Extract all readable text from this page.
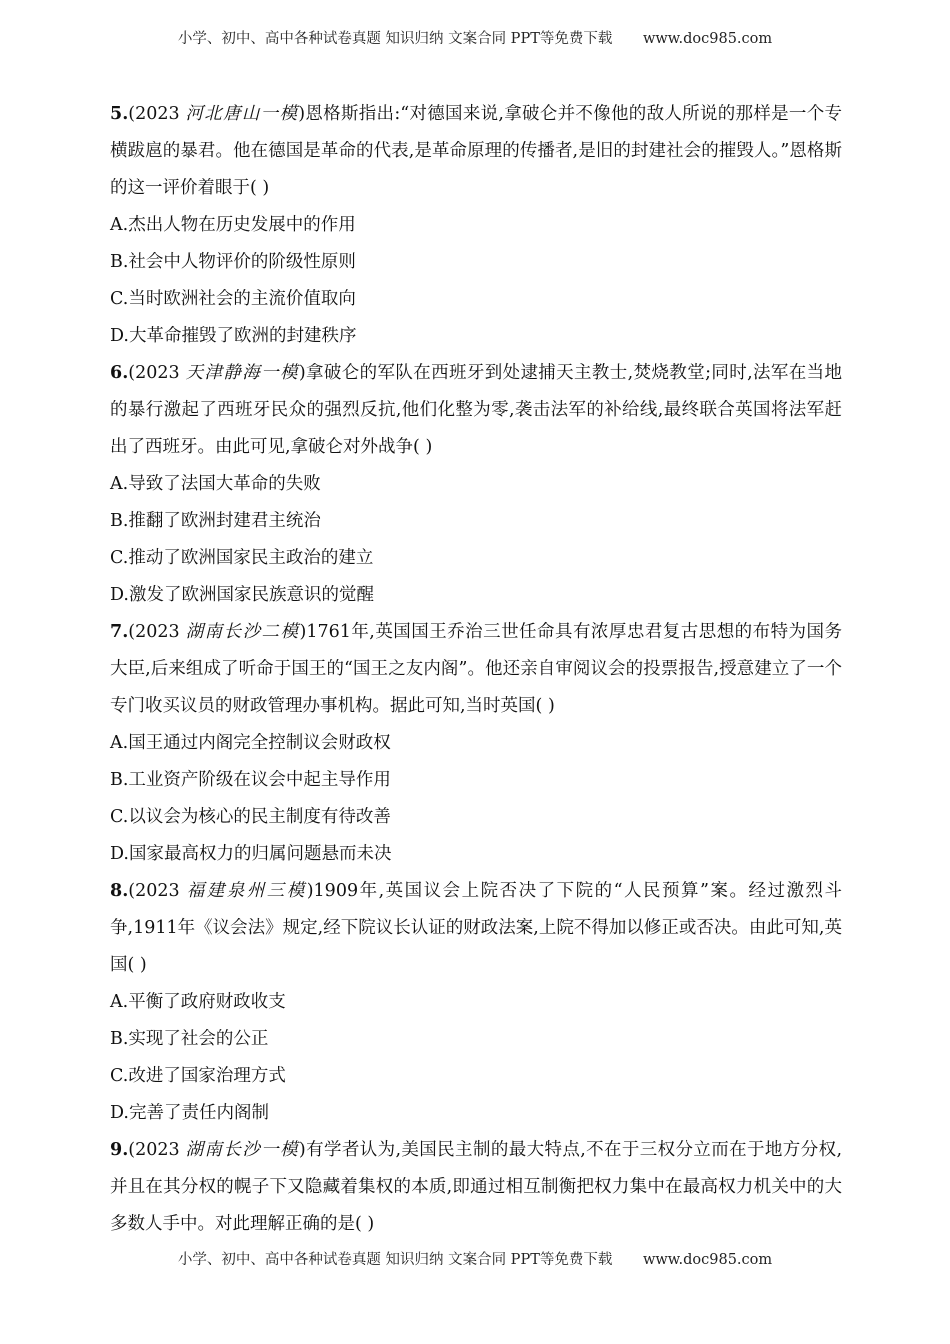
小学、初中、高中各种试卷真题 知识归纳 文案合同 PPT等免费下载 www.doc985.com

5.(2023 河北唐山一模)恩格斯指出:“对德国来说,拿破仑并不像他的敌人所说的那样是一个专横跋扈的暴君。他在德国是革命的代表,是革命原理的传播者,是旧的封建社会的摧毁人。”恩格斯的这一评价着眼于( )

A.杰出人物在历史发展中的作用

B.社会中人物评价的阶级性原则

C.当时欧洲社会的主流价值取向

D.大革命摧毁了欧洲的封建秩序

6.(2023 天津静海一模)拿破仑的军队在西班牙到处逮捕天主教士,焚烧教堂;同时,法军在当地的暴行激起了西班牙民众的强烈反抗,他们化整为零,袭击法军的补给线,最终联合英国将法军赶出了西班牙。由此可见,拿破仑对外战争( )

A.导致了法国大革命的失败

B.推翻了欧洲封建君主统治

C.推动了欧洲国家民主政治的建立

D.激发了欧洲国家民族意识的觉醒

7.(2023 湖南长沙二模)1761年,英国国王乔治三世任命具有浓厚忠君复古思想的布特为国务大臣,后来组成了听命于国王的“国王之友内阁”。他还亲自审阅议会的投票报告,授意建立了一个专门收买议员的财政管理办事机构。据此可知,当时英国( )

A.国王通过内阁完全控制议会财政权

B.工业资产阶级在议会中起主导作用

C.以议会为核心的民主制度有待改善

D.国家最高权力的归属问题悬而未决

8.(2023 福建泉州三模)1909年,英国议会上院否决了下院的“人民预算”案。经过激烈斗争,1911年《议会法》规定,经下院议长认证的财政法案,上院不得加以修正或否决。由此可知,英国( )

A.平衡了政府财政收支

B.实现了社会的公正

C.改进了国家治理方式

D.完善了责任内阁制

9.(2023 湖南长沙一模)有学者认为,美国民主制的最大特点,不在于三权分立而在于地方分权,并且在其分权的幌子下又隐藏着集权的本质,即通过相互制衡把权力集中在最高权力机关中的大多数人手中。对此理解正确的是( )

小学、初中、高中各种试卷真题 知识归纳 文案合同 PPT等免费下载 www.doc985.com
